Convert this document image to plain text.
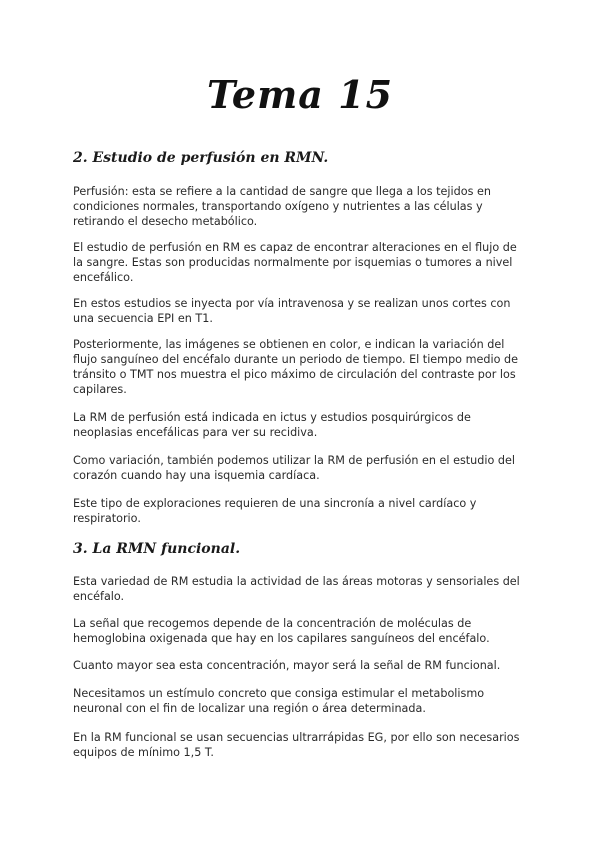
Tema 15
2. Estudio de perfusión en RMN.

Perfusión: esta se refiere a la cantidad de sangre que llega a los tejidos en condiciones normales, transportando oxígeno y nutrientes a las células y retirando el desecho metabólico.

El estudio de perfusión en RM es capaz de encontrar alteraciones en el flujo de la sangre. Estas son producidas normalmente por isquemias o tumores a nivel encefálico.

En estos estudios se inyecta por vía intravenosa y se realizan unos cortes con una secuencia EPI en T1.

Posteriormente, las imágenes se obtienen en color, e indican la variación del flujo sanguíneo del encéfalo durante un periodo de tiempo. El tiempo medio de tránsito o TMT nos muestra el pico máximo de circulación del contraste por los capilares.

La RM de perfusión está indicada en ictus y estudios posquirúrgicos de neoplasias encefálicas para ver su recidiva.

Como variación, también podemos utilizar la RM de perfusión en el estudio del corazón cuando hay una isquemia cardíaca.

Este tipo de exploraciones requieren de una sincronía a nivel cardíaco y respiratorio.

3. La RMN funcional.

Esta variedad de RM estudia la actividad de las áreas motoras y sensoriales del encéfalo.

La señal que recogemos depende de la concentración de moléculas de hemoglobina oxigenada que hay en los capilares sanguíneos del encéfalo.

Cuanto mayor sea esta concentración, mayor será la señal de RM funcional.

Necesitamos un estímulo concreto que consiga estimular el metabolismo neuronal con el fin de localizar una región o área determinada.

En la RM funcional se usan secuencias ultrarrápidas EG, por ello son necesarios equipos de mínimo 1,5 T.
